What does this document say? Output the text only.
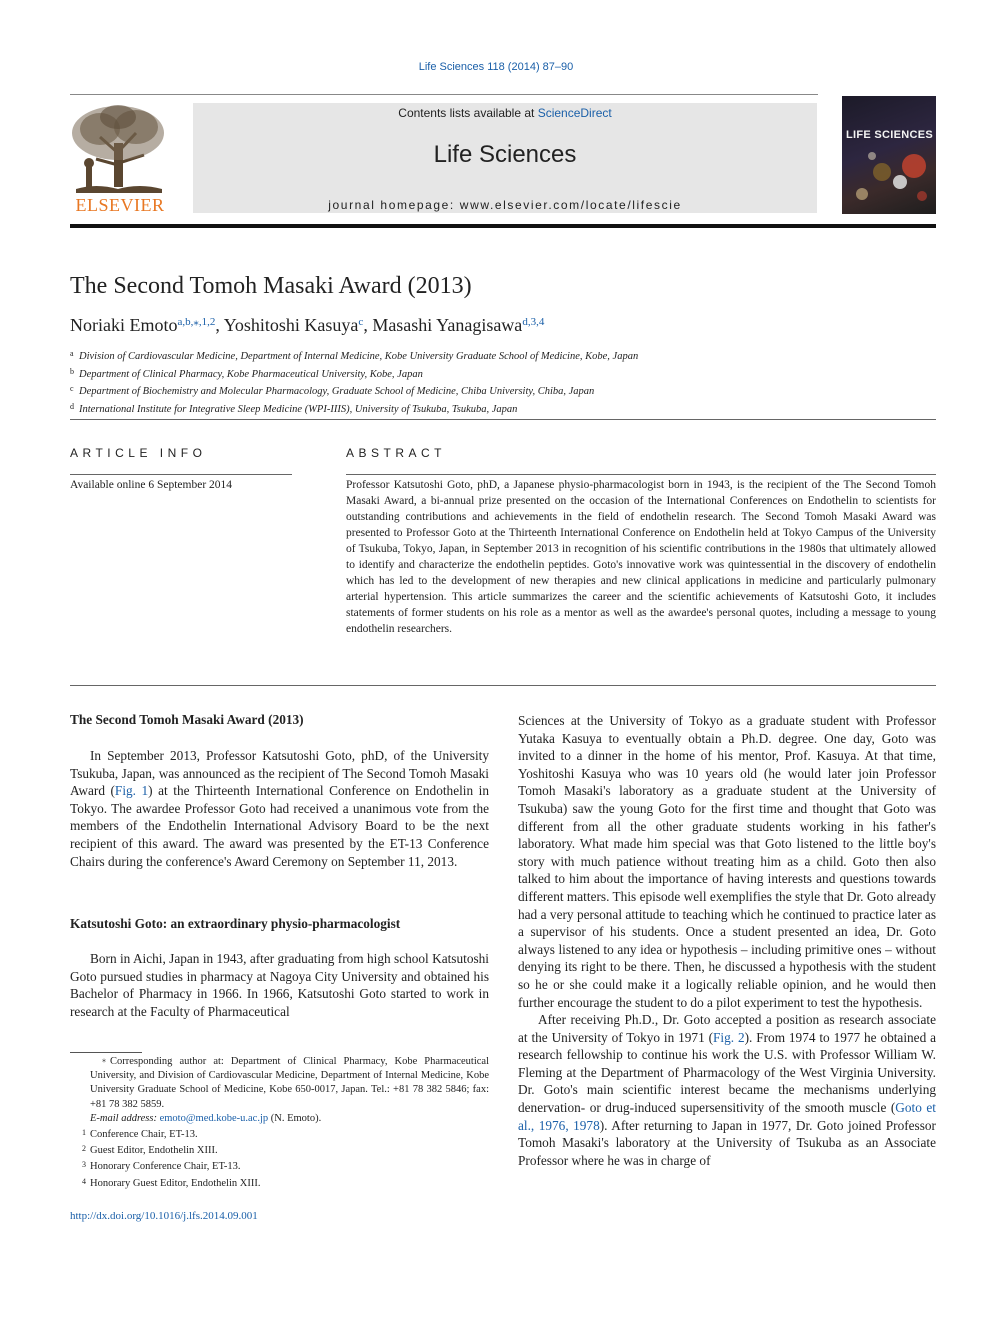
Life Sciences 118 (2014) 87–90
ELSEVIER
Contents lists available at ScienceDirect
Life Sciences
journal homepage: www.elsevier.com/locate/lifescie
LIFE SCIENCES
The Second Tomoh Masaki Award (2013)
Noriaki Emoto$^{a,b,⁎,1,2}$, Yoshitoshi Kasuya$^c$, Masashi Yanagisawa$^{d,3,4}$
$^a$ Division of Cardiovascular Medicine, Department of Internal Medicine, Kobe University Graduate School of Medicine, Kobe, Japan
$^b$ Department of Clinical Pharmacy, Kobe Pharmaceutical University, Kobe, Japan
$^c$ Department of Biochemistry and Molecular Pharmacology, Graduate School of Medicine, Chiba University, Chiba, Japan
$^d$ International Institute for Integrative Sleep Medicine (WPI-IIIS), University of Tsukuba, Tsukuba, Japan
ARTICLE INFO
Available online 6 September 2014
ABSTRACT
Professor Katsutoshi Goto, phD, a Japanese physio-pharmacologist born in 1943, is the recipient of the The Second Tomoh Masaki Award, a bi-annual prize presented on the occasion of the International Conferences on Endothelin to scientists for outstanding contributions and achievements in the field of endothelin research. The Second Tomoh Masaki Award was presented to Professor Goto at the Thirteenth International Conference on Endothelin held at Tokyo Campus of the University of Tsukuba, Tokyo, Japan, in September 2013 in recognition of his scientific contributions in the 1980s that ultimately allowed to identify and characterize the endothelin peptides. Goto's innovative work was quintessential in the discovery of endothelin which has led to the development of new therapies and new clinical applications in medicine and particularly pulmonary arterial hypertension. This article summarizes the career and the scientific achievements of Katsutoshi Goto, it includes statements of former students on his role as a mentor as well as the awardee's personal quotes, including a message to young endothelin researchers.
The Second Tomoh Masaki Award (2013)

In September 2013, Professor Katsutoshi Goto, phD, of the University Tsukuba, Japan, was announced as the recipient of The Second Tomoh Masaki Award (Fig. 1) at the Thirteenth International Conference on Endothelin in Tokyo. The awardee Professor Goto had received a unanimous vote from the members of the Endothelin International Advisory Board to be the next recipient of this award. The award was presented by the ET-13 Conference Chairs during the conference's Award Ceremony on September 11, 2013.

Katsutoshi Goto: an extraordinary physio-pharmacologist

Born in Aichi, Japan in 1943, after graduating from high school Katsutoshi Goto pursued studies in pharmacy at Nagoya City University and obtained his Bachelor of Pharmacy in 1966. In 1966, Katsutoshi Goto started to work in research at the Faculty of Pharmaceutical

⁎ Corresponding author at: Department of Clinical Pharmacy, Kobe Pharmaceutical University, and Division of Cardiovascular Medicine, Department of Internal Medicine, Kobe University Graduate School of Medicine, Kobe 650-0017, Japan. Tel.: +81 78 382 5846; fax: +81 78 382 5859.
E-mail address: emoto@med.kobe-u.ac.jp (N. Emoto).
1 Conference Chair, ET-13.
2 Guest Editor, Endothelin XIII.
3 Honorary Conference Chair, ET-13.
4 Honorary Guest Editor, Endothelin XIII.
http://dx.doi.org/10.1016/j.lfs.2014.09.001

Sciences at the University of Tokyo as a graduate student with Professor Yutaka Kasuya to eventually obtain a Ph.D. degree. One day, Goto was invited to a dinner in the home of his mentor, Prof. Kasuya. At that time, Yoshitoshi Kasuya who was 10 years old (he would later join Professor Tomoh Masaki's laboratory as a graduate student at the University of Tsukuba) saw the young Goto for the first time and thought that Goto was different from all the other graduate students working in his father's laboratory. What made him special was that Goto listened to the little boy's story with much patience without treating him as a child. Goto then also talked to him about the importance of having interests and questions towards different matters. This episode well exemplifies the style that Dr. Goto already had a very personal attitude to teaching which he continued to practice later as a supervisor of his students. Once a student presented an idea, Dr. Goto always listened to any idea or hypothesis – including primitive ones – without denying its right to be there. Then, he discussed a hypothesis with the student so he or she could make it a logically reliable opinion, and he would then further encourage the student to do a pilot experiment to test the hypothesis.

After receiving Ph.D., Dr. Goto accepted a position as research associate at the University of Tokyo in 1971 (Fig. 2). From 1974 to 1977 he obtained a research fellowship to continue his work the U.S. with Professor William W. Fleming at the Department of Pharmacology of the West Virginia University. Dr. Goto's main scientific interest became the mechanisms underlying denervation- or drug-induced supersensitivity of the smooth muscle (Goto et al., 1976, 1978). After returning to Japan in 1977, Dr. Goto joined Professor Tomoh Masaki's laboratory at the University of Tsukuba as an Associate Professor where he was in charge of
